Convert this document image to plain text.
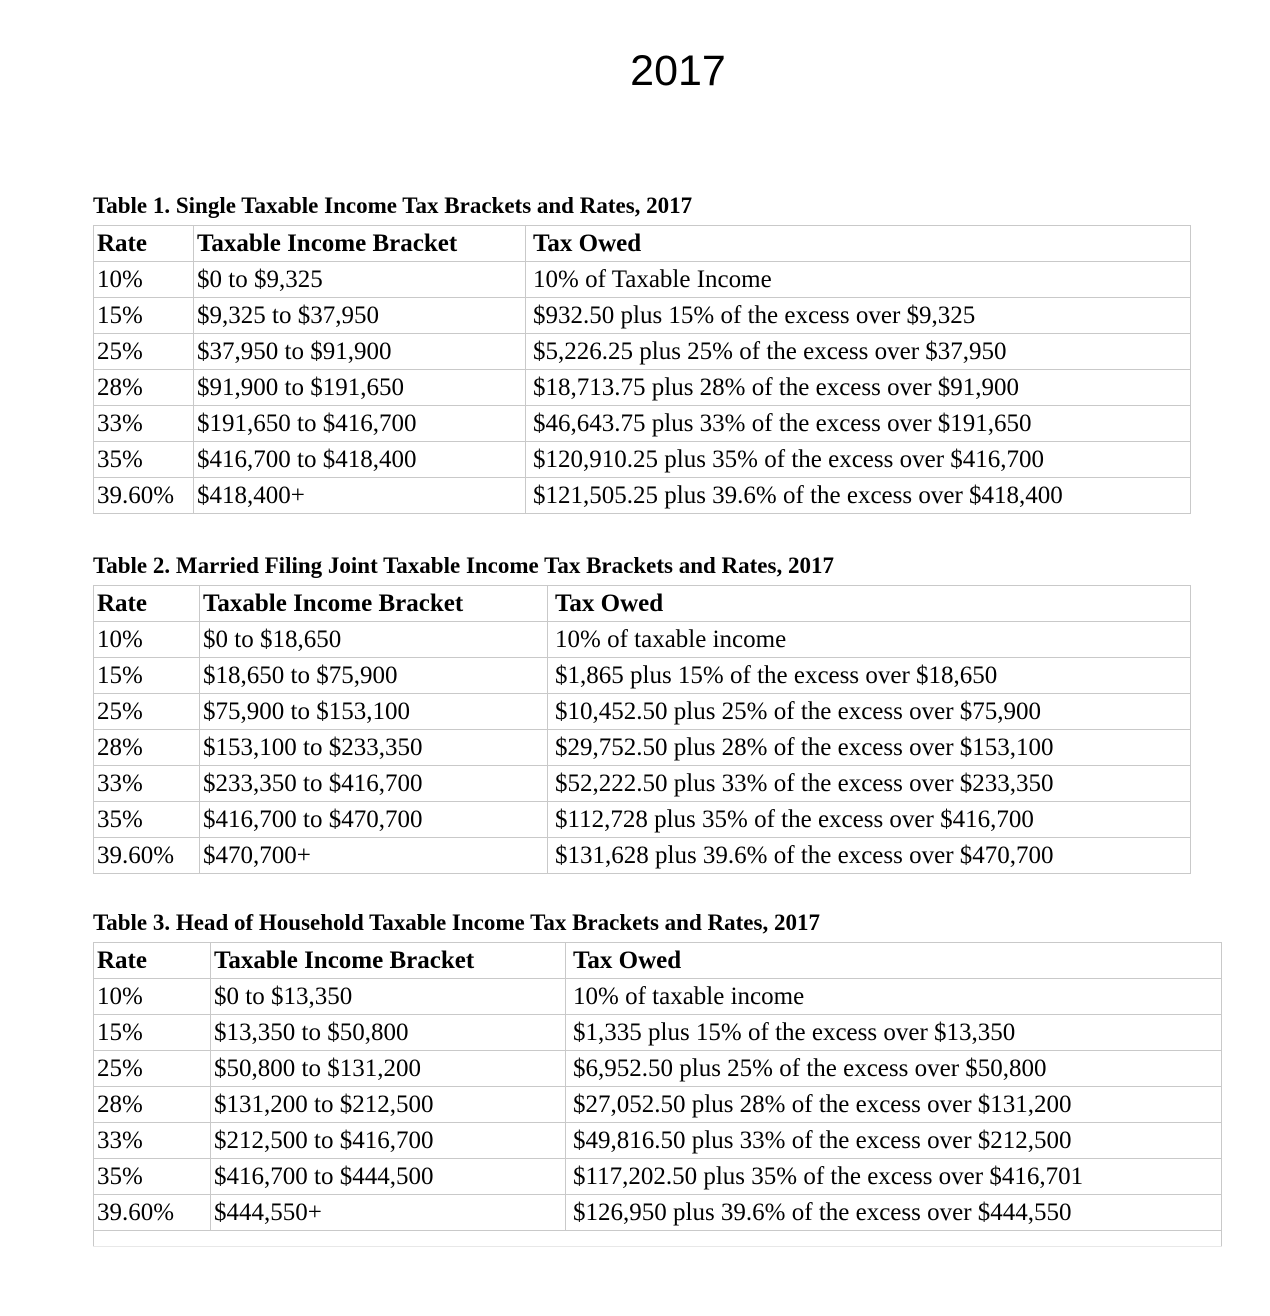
2017
Table 1. Single Taxable Income Tax Brackets and Rates, 2017
Rate	Taxable Income Bracket	Tax Owed
10%	$0 to $9,325	10% of Taxable Income
15%	$9,325 to $37,950	$932.50 plus 15% of the excess over $9,325
25%	$37,950 to $91,900	$5,226.25 plus 25% of the excess over $37,950
28%	$91,900 to $191,650	$18,713.75 plus 28% of the excess over $91,900
33%	$191,650 to $416,700	$46,643.75 plus 33% of the excess over $191,650
35%	$416,700 to $418,400	$120,910.25 plus 35% of the excess over $416,700
39.60%	$418,400+	$121,505.25 plus 39.6% of the excess over $418,400
Table 2. Married Filing Joint Taxable Income Tax Brackets and Rates, 2017
Rate	Taxable Income Bracket	Tax Owed
10%	$0 to $18,650	10% of taxable income
15%	$18,650 to $75,900	$1,865 plus 15% of the excess over $18,650
25%	$75,900 to $153,100	$10,452.50 plus 25% of the excess over $75,900
28%	$153,100 to $233,350	$29,752.50 plus 28% of the excess over $153,100
33%	$233,350 to $416,700	$52,222.50 plus 33% of the excess over $233,350
35%	$416,700 to $470,700	$112,728 plus 35% of the excess over $416,700
39.60%	$470,700+	$131,628 plus 39.6% of the excess over $470,700
Table 3. Head of Household Taxable Income Tax Brackets and Rates, 2017
Rate	Taxable Income Bracket	Tax Owed
10%	$0 to $13,350	10% of taxable income
15%	$13,350 to $50,800	$1,335 plus 15% of the excess over $13,350
25%	$50,800 to $131,200	$6,952.50 plus 25% of the excess over $50,800
28%	$131,200 to $212,500	$27,052.50 plus 28% of the excess over $131,200
33%	$212,500 to $416,700	$49,816.50 plus 33% of the excess over $212,500
35%	$416,700 to $444,500	$117,202.50 plus 35% of the excess over $416,701
39.60%	$444,550+	$126,950 plus 39.6% of the excess over $444,550
